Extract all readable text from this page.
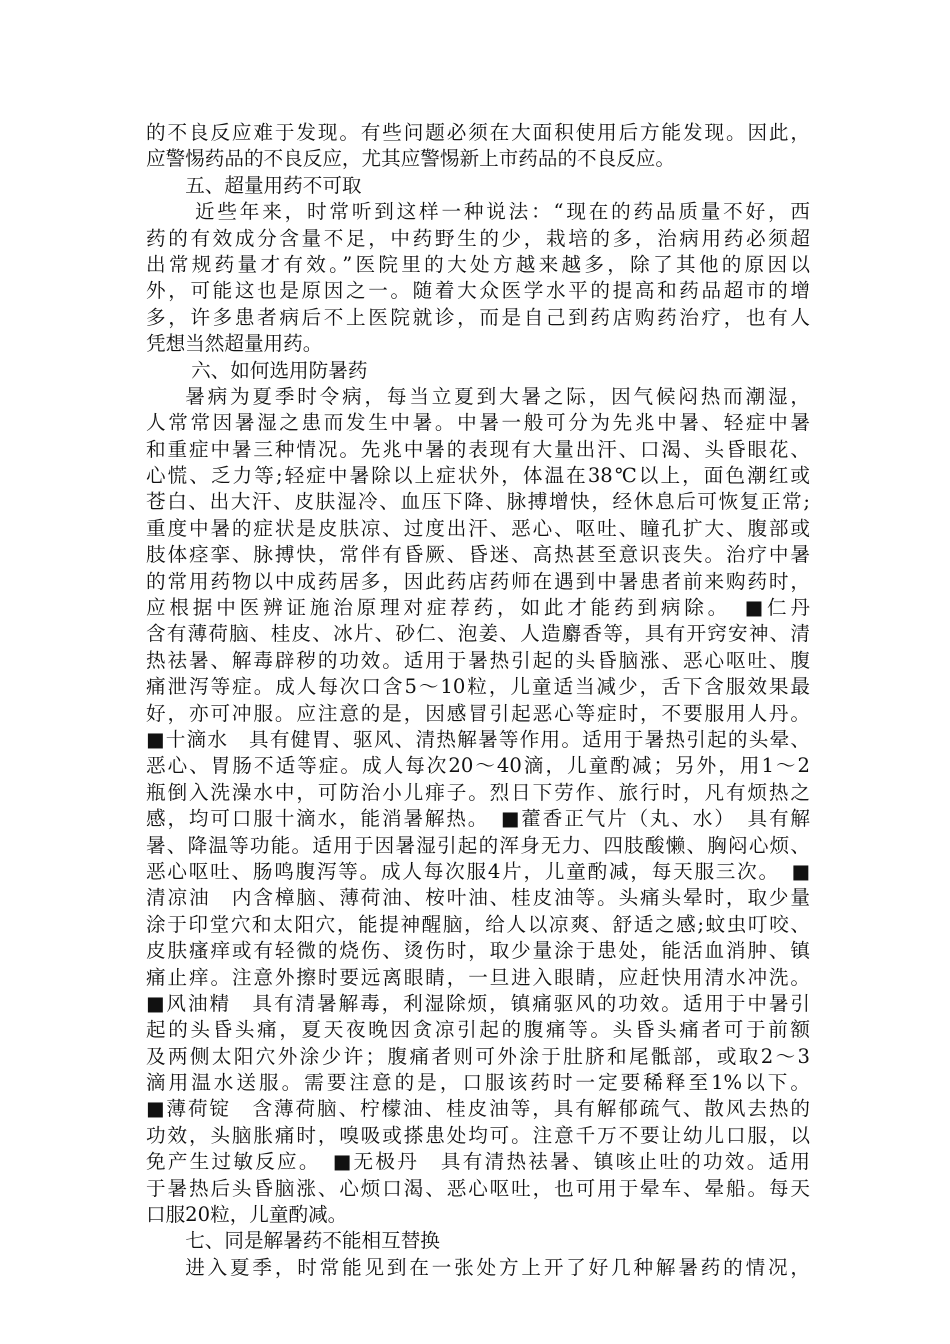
的不良反应难于发现。有些问题必须在大面积使用后方能发现。因此，
应警惕药品的不良反应，尤其应警惕新上市药品的不良反应。
五、超量用药不可取
近些年来，时常听到这样一种说法：“现在的药品质量不好，西
药的有效成分含量不足，中药野生的少，栽培的多，治病用药必须超
出常规药量才有效。”医院里的大处方越来越多，除了其他的原因以
外，可能这也是原因之一。随着大众医学水平的提高和药品超市的增
多，许多患者病后不上医院就诊，而是自己到药店购药治疗，也有人
凭想当然超量用药。
六、如何选用防暑药
暑病为夏季时令病，每当立夏到大暑之际，因气候闷热而潮湿，
人常常因暑湿之患而发生中暑。中暑一般可分为先兆中暑、轻症中暑
和重症中暑三种情况。先兆中暑的表现有大量出汗、口渴、头昏眼花、
心慌、乏力等;轻症中暑除以上症状外，体温在38℃以上，面色潮红或
苍白、出大汗、皮肤湿冷、血压下降、脉搏增快，经休息后可恢复正常;
重度中暑的症状是皮肤凉、过度出汗、恶心、呕吐、瞳孔扩大、腹部或
肢体痉挛、脉搏快，常伴有昏厥、昏迷、高热甚至意识丧失。治疗中暑
的常用药物以中成药居多，因此药店药师在遇到中暑患者前来购药时，
应根据中医辨证施治原理对症荐药，如此才能药到病除。　■仁丹
含有薄荷脑、桂皮、冰片、砂仁、泡姜、人造麝香等，具有开窍安神、清
热祛暑、解毒辟秽的功效。适用于暑热引起的头昏脑涨、恶心呕吐、腹
痛泄泻等症。成人每次口含5～10粒，儿童适当减少，舌下含服效果最
好，亦可冲服。应注意的是，因感冒引起恶心等症时，不要服用人丹。
■十滴水　具有健胃、驱风、清热解暑等作用。适用于暑热引起的头晕、
恶心、胃肠不适等症。成人每次20～40滴，儿童酌减；另外，用1～2
瓶倒入洗澡水中，可防治小儿痱子。烈日下劳作、旅行时，凡有烦热之
感，均可口服十滴水，能消暑解热。　■藿香正气片（丸、水）　具有解
暑、降温等功能。适用于因暑湿引起的浑身无力、四肢酸懒、胸闷心烦、
恶心呕吐、肠鸣腹泻等。成人每次服4片，儿童酌减，每天服三次。　■
清凉油　内含樟脑、薄荷油、桉叶油、桂皮油等。头痛头晕时，取少量
涂于印堂穴和太阳穴，能提神醒脑，给人以凉爽、舒适之感;蚊虫叮咬、
皮肤瘙痒或有轻微的烧伤、烫伤时，取少量涂于患处，能活血消肿、镇
痛止痒。注意外擦时要远离眼睛，一旦进入眼睛，应赶快用清水冲洗。
■风油精　具有清暑解毒，利湿除烦，镇痛驱风的功效。适用于中暑引
起的头昏头痛，夏天夜晚因贪凉引起的腹痛等。头昏头痛者可于前额
及两侧太阳穴外涂少许；腹痛者则可外涂于肚脐和尾骶部，或取2～3
滴用温水送服。需要注意的是，口服该药时一定要稀释至1%以下。
■薄荷锭　含薄荷脑、柠檬油、桂皮油等，具有解郁疏气、散风去热的
功效，头脑胀痛时，嗅吸或搽患处均可。注意千万不要让幼儿口服，以
免产生过敏反应。　■无极丹　具有清热祛暑、镇咳止吐的功效。适用
于暑热后头昏脑涨、心烦口渴、恶心呕吐，也可用于晕车、晕船。每天
口服20粒，儿童酌减。
七、同是解暑药不能相互替换
进入夏季，时常能见到在一张处方上开了好几种解暑药的情况，
